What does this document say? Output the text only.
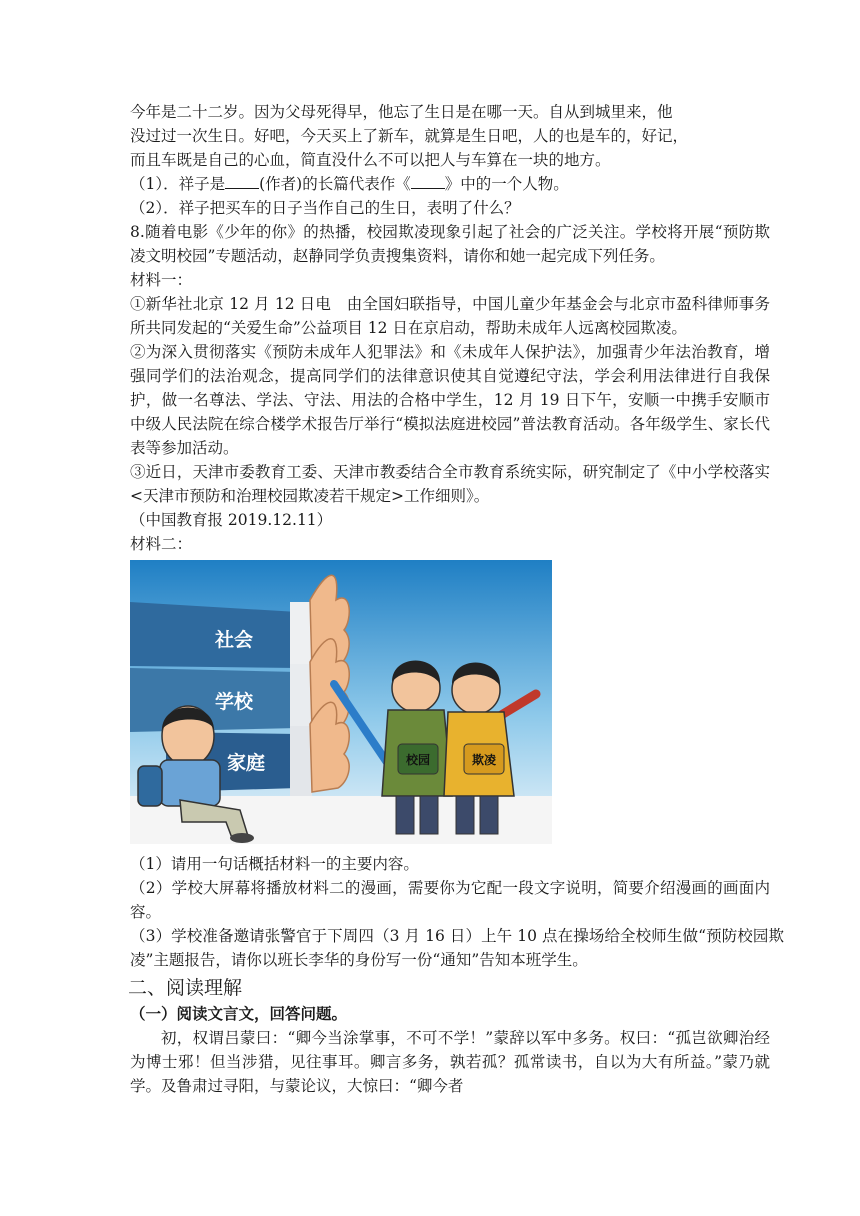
今年是二十二岁。因为父母死得早，他忘了生日是在哪一天。自从到城里来，他

没过过一次生日。好吧，今天买上了新车，就算是生日吧，人的也是车的，好记，

而且车既是自己的心血，简直没什么不可以把人与车算在一块的地方。

（1）．祥子是 (作者)的长篇代表作《 》中的一个人物。

（2）．祥子把买车的日子当作自己的生日，表明了什么？

8.随着电影《少年的你》的热播，校园欺凌现象引起了社会的广泛关注。学校将开展“预防欺凌文明校园”专题活动，赵静同学负责搜集资料，请你和她一起完成下列任务。

材料一：

①新华社北京 12 月 12 日电　由全国妇联指导，中国儿童少年基金会与北京市盈科律师事务所共同发起的“关爱生命”公益项目 12 日在京启动，帮助未成年人远离校园欺凌。

②为深入贯彻落实《预防未成年人犯罪法》和《未成年人保护法》，加强青少年法治教育，增强同学们的法治观念，提高同学们的法律意识使其自觉遵纪守法，学会利用法律进行自我保护，做一名尊法、学法、守法、用法的合格中学生，12 月 19 日下午，安顺一中携手安顺市中级人民法院在综合楼学术报告厅举行“模拟法庭进校园”普法教育活动。各年级学生、家长代表等参加活动。

③近日，天津市委教育工委、天津市教委结合全市教育系统实际，研究制定了《中小学校落实<天津市预防和治理校园欺凌若干规定>工作细则》。

（中国教育报 2019.12.11）

材料二：

社会
学校
家庭	校园	欺凌

（1）请用一句话概括材料一的主要内容。

（2）学校大屏幕将播放材料二的漫画，需要你为它配一段文字说明，简要介绍漫画的画面内容。

（3）学校准备邀请张警官于下周四（3 月 16 日）上午 10 点在操场给全校师生做“预防校园欺凌”主题报告，请你以班长李华的身份写一份“通知”告知本班学生。

二、阅读理解
（一）阅读文言文，回答问题。

初，权谓吕蒙曰：“卿今当涂掌事，不可不学！”蒙辞以军中多务。权曰：“孤岂欲卿治经为博士邪！但当涉猎，见往事耳。卿言多务，孰若孤？孤常读书，自以为大有所益。”蒙乃就学。及鲁肃过寻阳，与蒙论议，大惊曰：“卿今者
